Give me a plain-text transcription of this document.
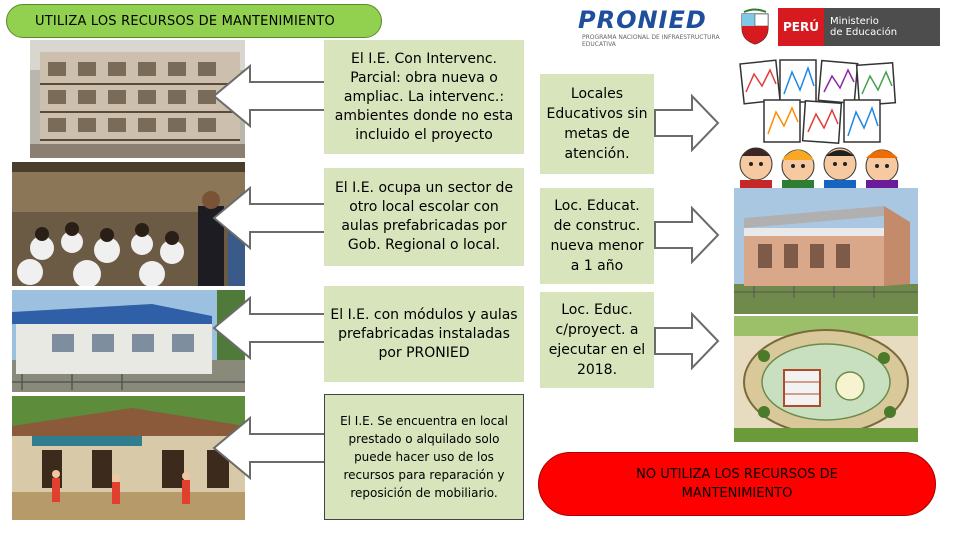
UTILIZA LOS RECURSOS DE MANTENIMIENTO	PRONIED
PROGRAMA NACIONAL DE INFRAESTRUCTURA EDUCATIVA
PERÚ	Ministerio
de Educación
El I.E. Con Intervenc. Parcial: obra nueva o ampliac. La intervenc.: ambientes donde no esta incluido el proyecto
El I.E. ocupa un sector de otro local escolar con aulas prefabricadas por Gob. Regional o local.
El I.E. con módulos y aulas prefabricadas instaladas por PRONIED
El I.E. Se encuentra en local prestado o alquilado solo puede hacer uso de los recursos para reparación y reposición de mobiliario.
Locales Educativos sin metas de atención.
Loc. Educat. de construc. nueva menor a 1 año
Loc. Educ. c/proyect. a ejecutar en el 2018.
NO UTILIZA LOS RECURSOS DE MANTENIMIENTO
